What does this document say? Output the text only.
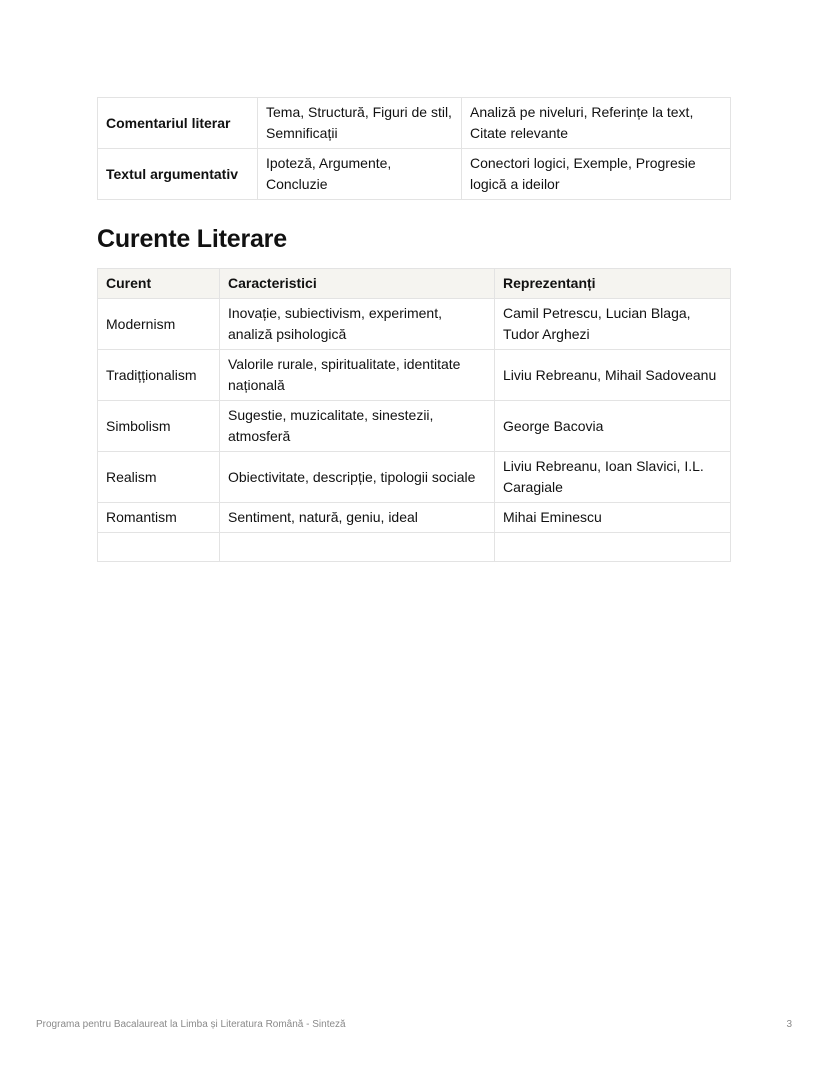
Comentariul literar	Tema, Structură, Figuri de stil, Semnificații	Analiză pe niveluri, Referințe la text, Citate relevante
Textul argumentativ	Ipoteză, Argumente, Concluzie	Conectori logici, Exemple, Progresie logică a ideilor
Curente Literare
Curent	Caracteristici	Reprezentanți
Modernism	Inovație, subiectivism, experiment, analiză psihologică	Camil Petrescu, Lucian Blaga, Tudor Arghezi
Tradițționalism	Valorile rurale, spiritualitate, identitate națională	Liviu Rebreanu, Mihail Sadoveanu
Simbolism	Sugestie, muzicalitate, sinestezii, atmosferă	George Bacovia
Realism	Obiectivitate, descripție, tipologii sociale	Liviu Rebreanu, Ioan Slavici, I.L. Caragiale
Romantism	Sentiment, natură, geniu, ideal	Mihai Eminescu

Programa pentru Bacalaureat la Limba și Literatura Română - Sinteză	3
